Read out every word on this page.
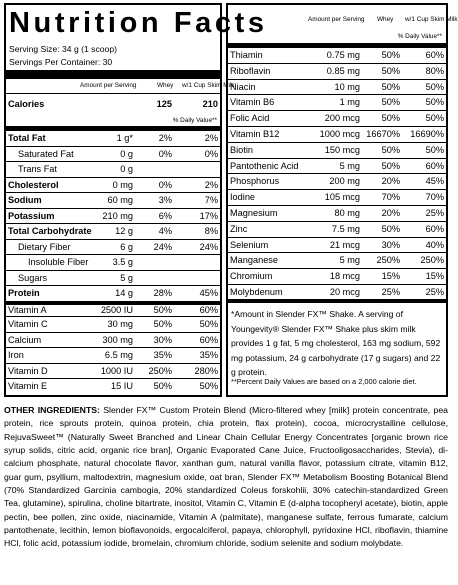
Nutrition Facts
Serving Size: 34 g (1 scoop)
Servings Per Container: 30
Amount per Serving	Whey w/1 Cup Skim Milk
Calories	125	210
% Daily Value**
Total Fat	1 g*	2%	2%
Saturated Fat	0 g	0%	0%
Trans Fat	0 g
Cholesterol	0 mg	0%	2%
Sodium	60 mg	3%	7%
Potassium	210 mg	6%	17%
Total Carbohydrate	12 g	4%	8%
Dietary Fiber	6 g 24%	24%
Insoluble Fiber	3.5 g
Sugars	5 g
Protein	14 g 28%	45%
Vitamin A	2500 IU 50%	60%
Vitamin C	30 mg 50%	50%
Calcium	300 mg 30%	60%
Iron	6.5 mg 35%	35%
Vitamin D	1000 IU 250% 280%
Vitamin E	15 IU 50%	50%
Amount per Serving Whey w/1 Cup Skim Milk
% Daily Value**
Thiamin	0.75 mg 50%	60%
Riboflavin	0.85 mg 50%	80%
Niacin	10 mg 50%	50%
Vitamin B6	1 mg 50%	50%
Folic Acid	200 mcg 50%	50%
Vitamin B12	1000 mcg 16670% 16690%
Biotin	150 mcg 50%	50%
Pantothenic Acid	5 mg 50%	60%
Phosphorus	200 mg 20%	45%
Iodine	105 mcg 70%	70%
Magnesium	80 mg 20%	25%
Zinc	7.5 mg 50%	60%
Selenium	21 mcg 30%	40%
Manganese	5 mg 250% 250%
Chromium	18 mcg 15%	15%
Molybdenum	20 mcg 25%	25%
*Amount in Slender FX™ Shake. A serving of Youngevity® Slender FX™ Shake plus skim milk provides 1 g fat, 5 mg cholesterol, 163 mg sodium, 592 mg potassium, 24 g carbohydrate (17 g sugars) and 22 g protein.
**Percent Daily Values are based on a 2,000 calorie diet.
OTHER INGREDIENTS: Slender FX™ Custom Protein Blend (Micro-filtered whey [milk] protein concentrate, pea protein, rice sprouts protein, quinoa protein, chia protein, flax protein), cocoa, microcrystalline cellulose, RejuvaSweet™ (Naturally Sweet Branched and Linear Chain Cellular Energy Concentrates [organic brown rice syrup solids, citric acid, organic rice bran], Organic Evaporated Cane Juice, Fructooligosaccharides, Stevia), di-calcium phosphate, natural chocolate flavor, xanthan gum, natural vanilla flavor, potassium citrate, vitamin B12, guar gum, psyllium, maltodextrin, magnesium oxide, oat bran, Slender FX™ Metabolism Boosting Botanical Blend (70% Standardized Garcinia cambogia, 20% standardized Coleus forskohlii, 30% catechin-standardized Green Tea, glutamine), spirulina, choline bitartrate, inositol, Vitamin C, Vitamin E (d-alpha tocopheryl acetate), biotin, apple pectin, bee pollen, zinc oxide, niacinamide, Vitamin A (palmitate), manganese sulfate, ferrous fumarate, calcium pantothenate, lecithin, lemon bioflavonoids, ergocalciferol, papaya, chlorophyll, pyridoxine HCl, riboflavin, thiamine HCl, folic acid, potassium iodide, bromelain, chromium chloride, sodium selenite and sodium molybdate.
